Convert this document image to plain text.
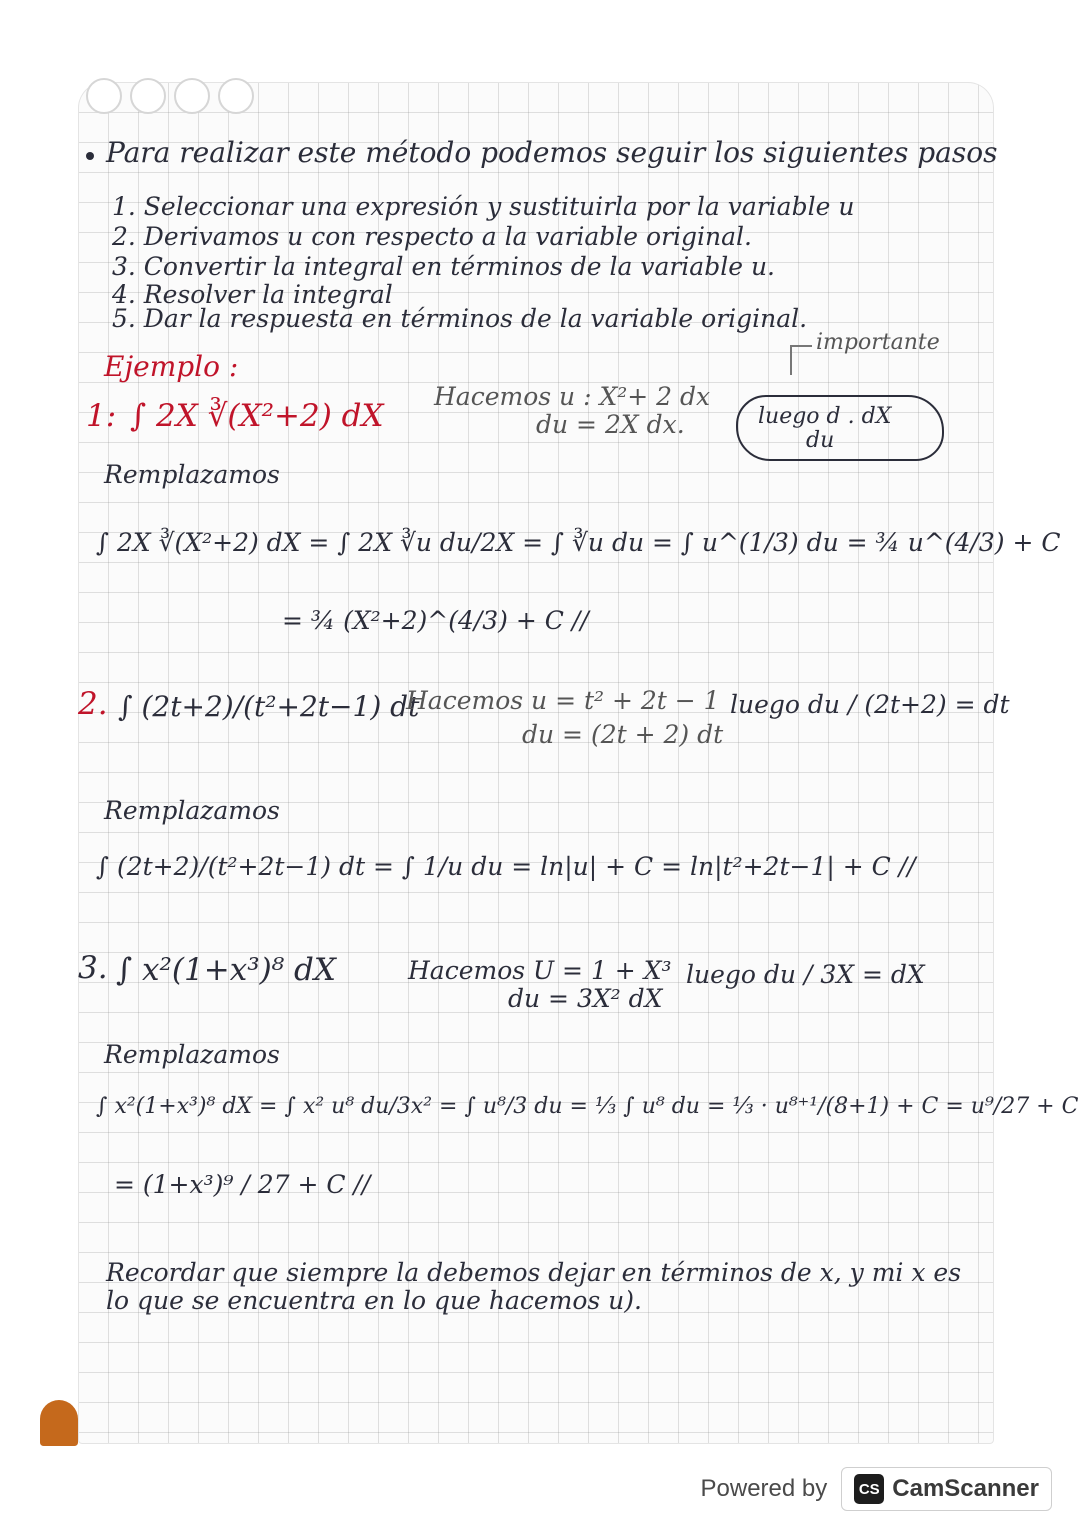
Para realizar este método podemos seguir los siguientes pasos
1. Seleccionar una expresión y sustituirla por la variable u
2. Derivamos u con respecto a la variable original.
3. Convertir la integral en términos de la variable u.
4. Resolver la integral
5. Dar la respuesta en términos de la variable original.
importante
Ejemplo :
1: ∫ 2X ∛(X²+2) dX
Hacemos u : X²+ 2 dx
du = 2X dx.	luego d . dX
du
Remplazamos
∫ 2X ∛(X²+2) dX = ∫ 2X ∛u du/2X = ∫ ∛u du = ∫ u^(1/3) du = ¾ u^(4/3) + C
= ¾ (X²+2)^(4/3) + C //
2. ∫ (2t+2)/(t²+2t−1) dt
Hacemos u = t² + 2t − 1
du = (2t + 2) dt
luego du / (2t+2) = dt
Remplazamos
∫ (2t+2)/(t²+2t−1) dt = ∫ 1/u du = ln|u| + C = ln|t²+2t−1| + C //
3. ∫ x²(1+x³)⁸ dX	Hacemos U = 1 + X³
du = 3X² dX
luego du / 3X = dX
Remplazamos
∫ x²(1+x³)⁸ dX = ∫ x² u⁸ du/3x² = ∫ u⁸/3 du = ⅓ ∫ u⁸ du = ⅓ · u⁸⁺¹/(8+1) + C = u⁹/27 + C
= (1+x³)⁹ / 27 + C //
Recordar que siempre la debemos dejar en términos de x, y mi x es
lo que se encuentra en lo que hacemos u).
Powered by	CS CamScanner
